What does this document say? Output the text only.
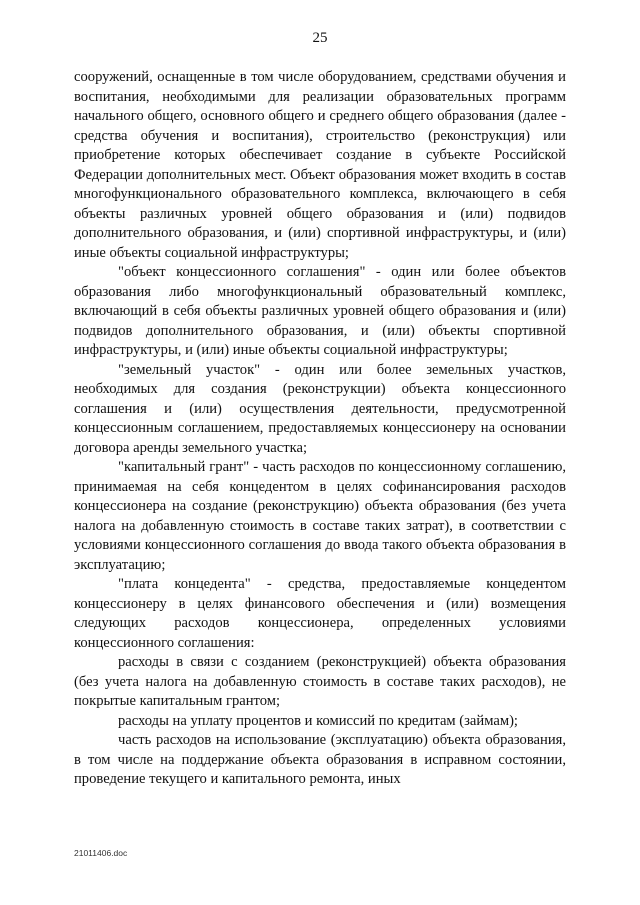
25

сооружений, оснащенные в том числе оборудованием, средствами обучения и воспитания, необходимыми для реализации образовательных программ начального общего, основного общего и среднего общего образования (далее - средства обучения и воспитания), строительство (реконструкция) или приобретение которых обеспечивает создание в субъекте Российской Федерации дополнительных мест. Объект образования может входить в состав многофункционального образовательного комплекса, включающего в себя объекты различных уровней общего образования и (или) подвидов дополнительного образования, и (или) спортивной инфраструктуры, и (или) иные объекты социальной инфраструктуры;

"объект концессионного соглашения" - один или более объектов образования либо многофункциональный образовательный комплекс, включающий в себя объекты различных уровней общего образования и (или) подвидов дополнительного образования, и (или) объекты спортивной инфраструктуры, и (или) иные объекты социальной инфраструктуры;

"земельный участок" - один или более земельных участков, необходимых для создания (реконструкции) объекта концессионного соглашения и (или) осуществления деятельности, предусмотренной концессионным соглашением, предоставляемых концессионеру на основании договора аренды земельного участка;

"капитальный грант" - часть расходов по концессионному соглашению, принимаемая на себя концедентом в целях софинансирования расходов концессионера на создание (реконструкцию) объекта образования (без учета налога на добавленную стоимость в составе таких затрат), в соответствии с условиями концессионного соглашения до ввода такого объекта образования в эксплуатацию;

"плата концедента" - средства, предоставляемые концедентом концессионеру в целях финансового обеспечения и (или) возмещения следующих расходов концессионера, определенных условиями концессионного соглашения:

расходы в связи с созданием (реконструкцией) объекта образования (без учета налога на добавленную стоимость в составе таких расходов), не покрытые капитальным грантом;

расходы на уплату процентов и комиссий по кредитам (займам);

часть расходов на использование (эксплуатацию) объекта образования, в том числе на поддержание объекта образования в исправном состоянии, проведение текущего и капитального ремонта, иных

21011406.doc
